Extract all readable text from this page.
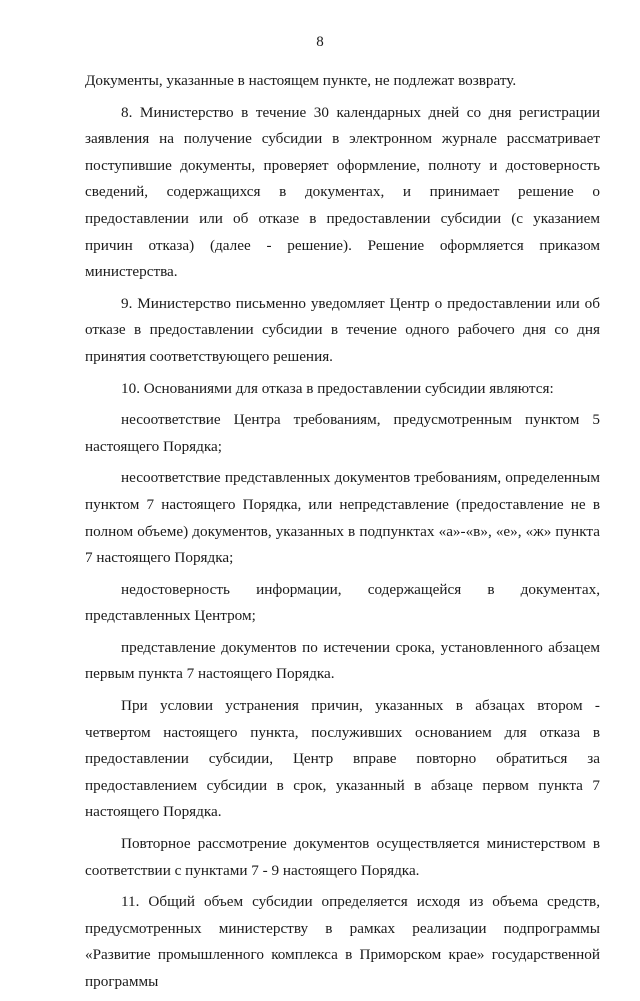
8

Документы, указанные в настоящем пункте, не подлежат возврату.

8. Министерство в течение 30 календарных дней со дня регистрации заявления на получение субсидии в электронном журнале рассматривает поступившие документы, проверяет оформление, полноту и достоверность сведений, содержащихся в документах, и принимает решение о предоставлении или об отказе в предоставлении субсидии (с указанием причин отказа) (далее - решение). Решение оформляется приказом министерства.

9. Министерство письменно уведомляет Центр о предоставлении или об отказе в предоставлении субсидии в течение одного рабочего дня со дня принятия соответствующего решения.

10. Основаниями для отказа в предоставлении субсидии являются:

несоответствие Центра требованиям, предусмотренным пунктом 5 настоящего Порядка;

несоответствие представленных документов требованиям, определенным пунктом 7 настоящего Порядка, или непредставление (предоставление не в полном объеме) документов, указанных в подпунктах «а»-«в», «е», «ж» пункта 7 настоящего Порядка;

недостоверность информации, содержащейся в документах, представленных Центром;

представление документов по истечении срока, установленного абзацем первым пункта 7 настоящего Порядка.

При условии устранения причин, указанных в абзацах втором - четвертом настоящего пункта, послуживших основанием для отказа в предоставлении субсидии, Центр вправе повторно обратиться за предоставлением субсидии в срок, указанный в абзаце первом пункта 7 настоящего Порядка.

Повторное рассмотрение документов осуществляется министерством в соответствии с пунктами 7 - 9 настоящего Порядка.

11. Общий объем субсидии определяется исходя из объема средств, предусмотренных министерству в рамках реализации подпрограммы «Развитие промышленного комплекса в Приморском крае» государственной программы
